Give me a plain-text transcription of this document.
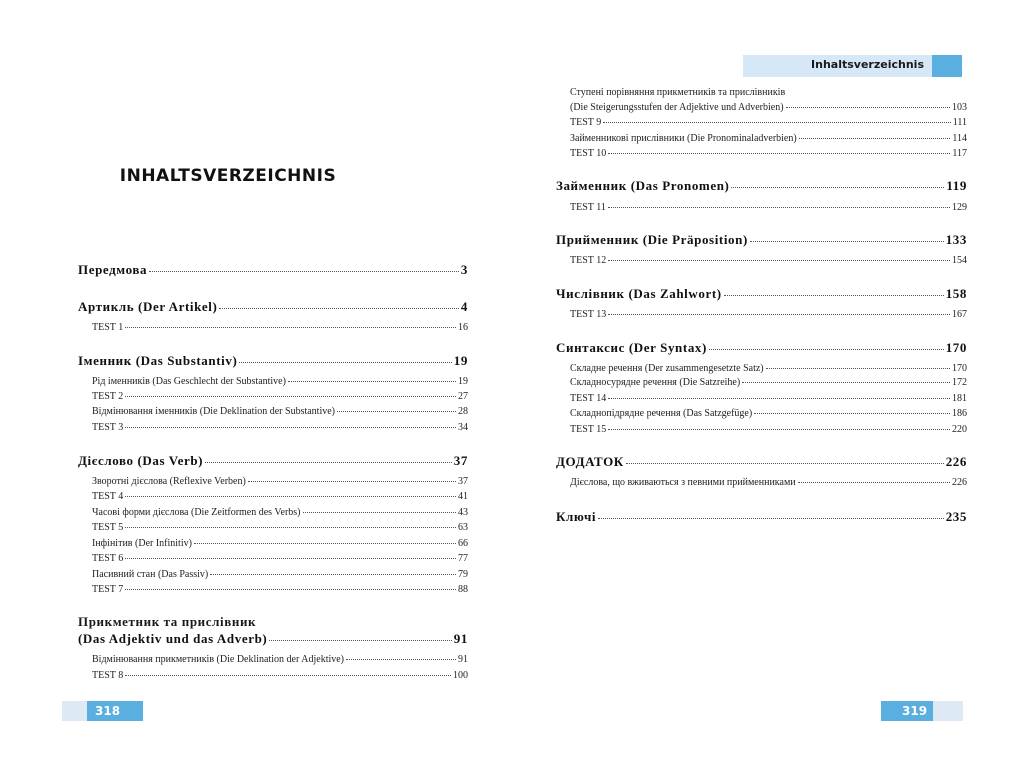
INHALTSVERZEICHNIS
Передмова	3
Артикль (Der Artikel)	4
TEST 1	16
Іменник (Das Substantiv)	19
Рід іменників (Das Geschlecht der Substantive)	19
TEST 2	27
Відмінювання іменників (Die Deklination der Substantive)	28
TEST 3	34
Дієслово (Das Verb)	37
Зворотні дієслова (Reflexive Verben)	37
TEST 4	41
Часові форми дієслова (Die Zeitformen des Verbs)	43
TEST 5	63
Інфінітив (Der Infinitiv)	66
TEST 6	77
Пасивний стан (Das Passiv)	79
TEST 7	88
Прикметник та прислівник
(Das Adjektiv und das Adverb)	91
Відмінювання прикметників (Die Deklination der Adjektive)	91
TEST 8	100
318
Inhaltsverzeichnis
Ступені порівняння прикметників та прислівників
(Die Steigerungsstufen der Adjektive und Adverbien)	103
TEST 9	111
Займенникові прислівники (Die Pronominaladverbien)	114
TEST 10	117
Займенник (Das Pronomen)	119
TEST 11	129
Прийменник (Die Präposition)	133
TEST 12	154
Числівник (Das Zahlwort)	158
TEST 13	167
Синтаксис (Der Syntax)	170
Складне речення (Der zusammengesetzte Satz)	170
Складносурядне речення (Die Satzreihe)	172
TEST 14	181
Складнопідрядне речення (Das Satzgefüge)	186
TEST 15	220
ДОДАТОК	226
Дієслова, що вживаються з певними прийменниками	226
Ключі	235
319
